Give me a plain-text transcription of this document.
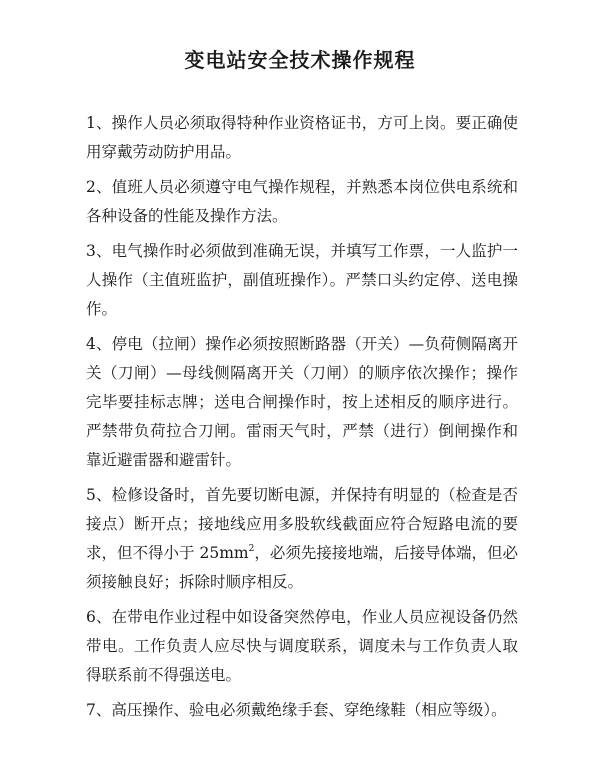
变电站安全技术操作规程

1、操作人员必须取得特种作业资格证书，方可上岗。要正确使用穿戴劳动防护用品。

2、值班人员必须遵守电气操作规程，并熟悉本岗位供电系统和各种设备的性能及操作方法。

3、电气操作时必须做到准确无误，并填写工作票，一人监护一人操作（主值班监护，副值班操作）。严禁口头约定停、送电操作。

4、停电（拉闸）操作必须按照断路器（开关）—负荷侧隔离开关（刀闸）—母线侧隔离开关（刀闸）的顺序依次操作；操作完毕要挂标志牌；送电合闸操作时，按上述相反的顺序进行。严禁带负荷拉合刀闸。雷雨天气时，严禁（进行）倒闸操作和靠近避雷器和避雷针。

5、检修设备时，首先要切断电源，并保持有明显的（检查是否接点）断开点；接地线应用多股软线截面应符合短路电流的要求，但不得小于 $25mm^2$，必须先接接地端，后接导体端，但必须接触良好；拆除时顺序相反。

6、在带电作业过程中如设备突然停电，作业人员应视设备仍然带电。工作负责人应尽快与调度联系，调度未与工作负责人取得联系前不得强送电。

7、高压操作、验电必须戴绝缘手套、穿绝缘鞋（相应等级）。
